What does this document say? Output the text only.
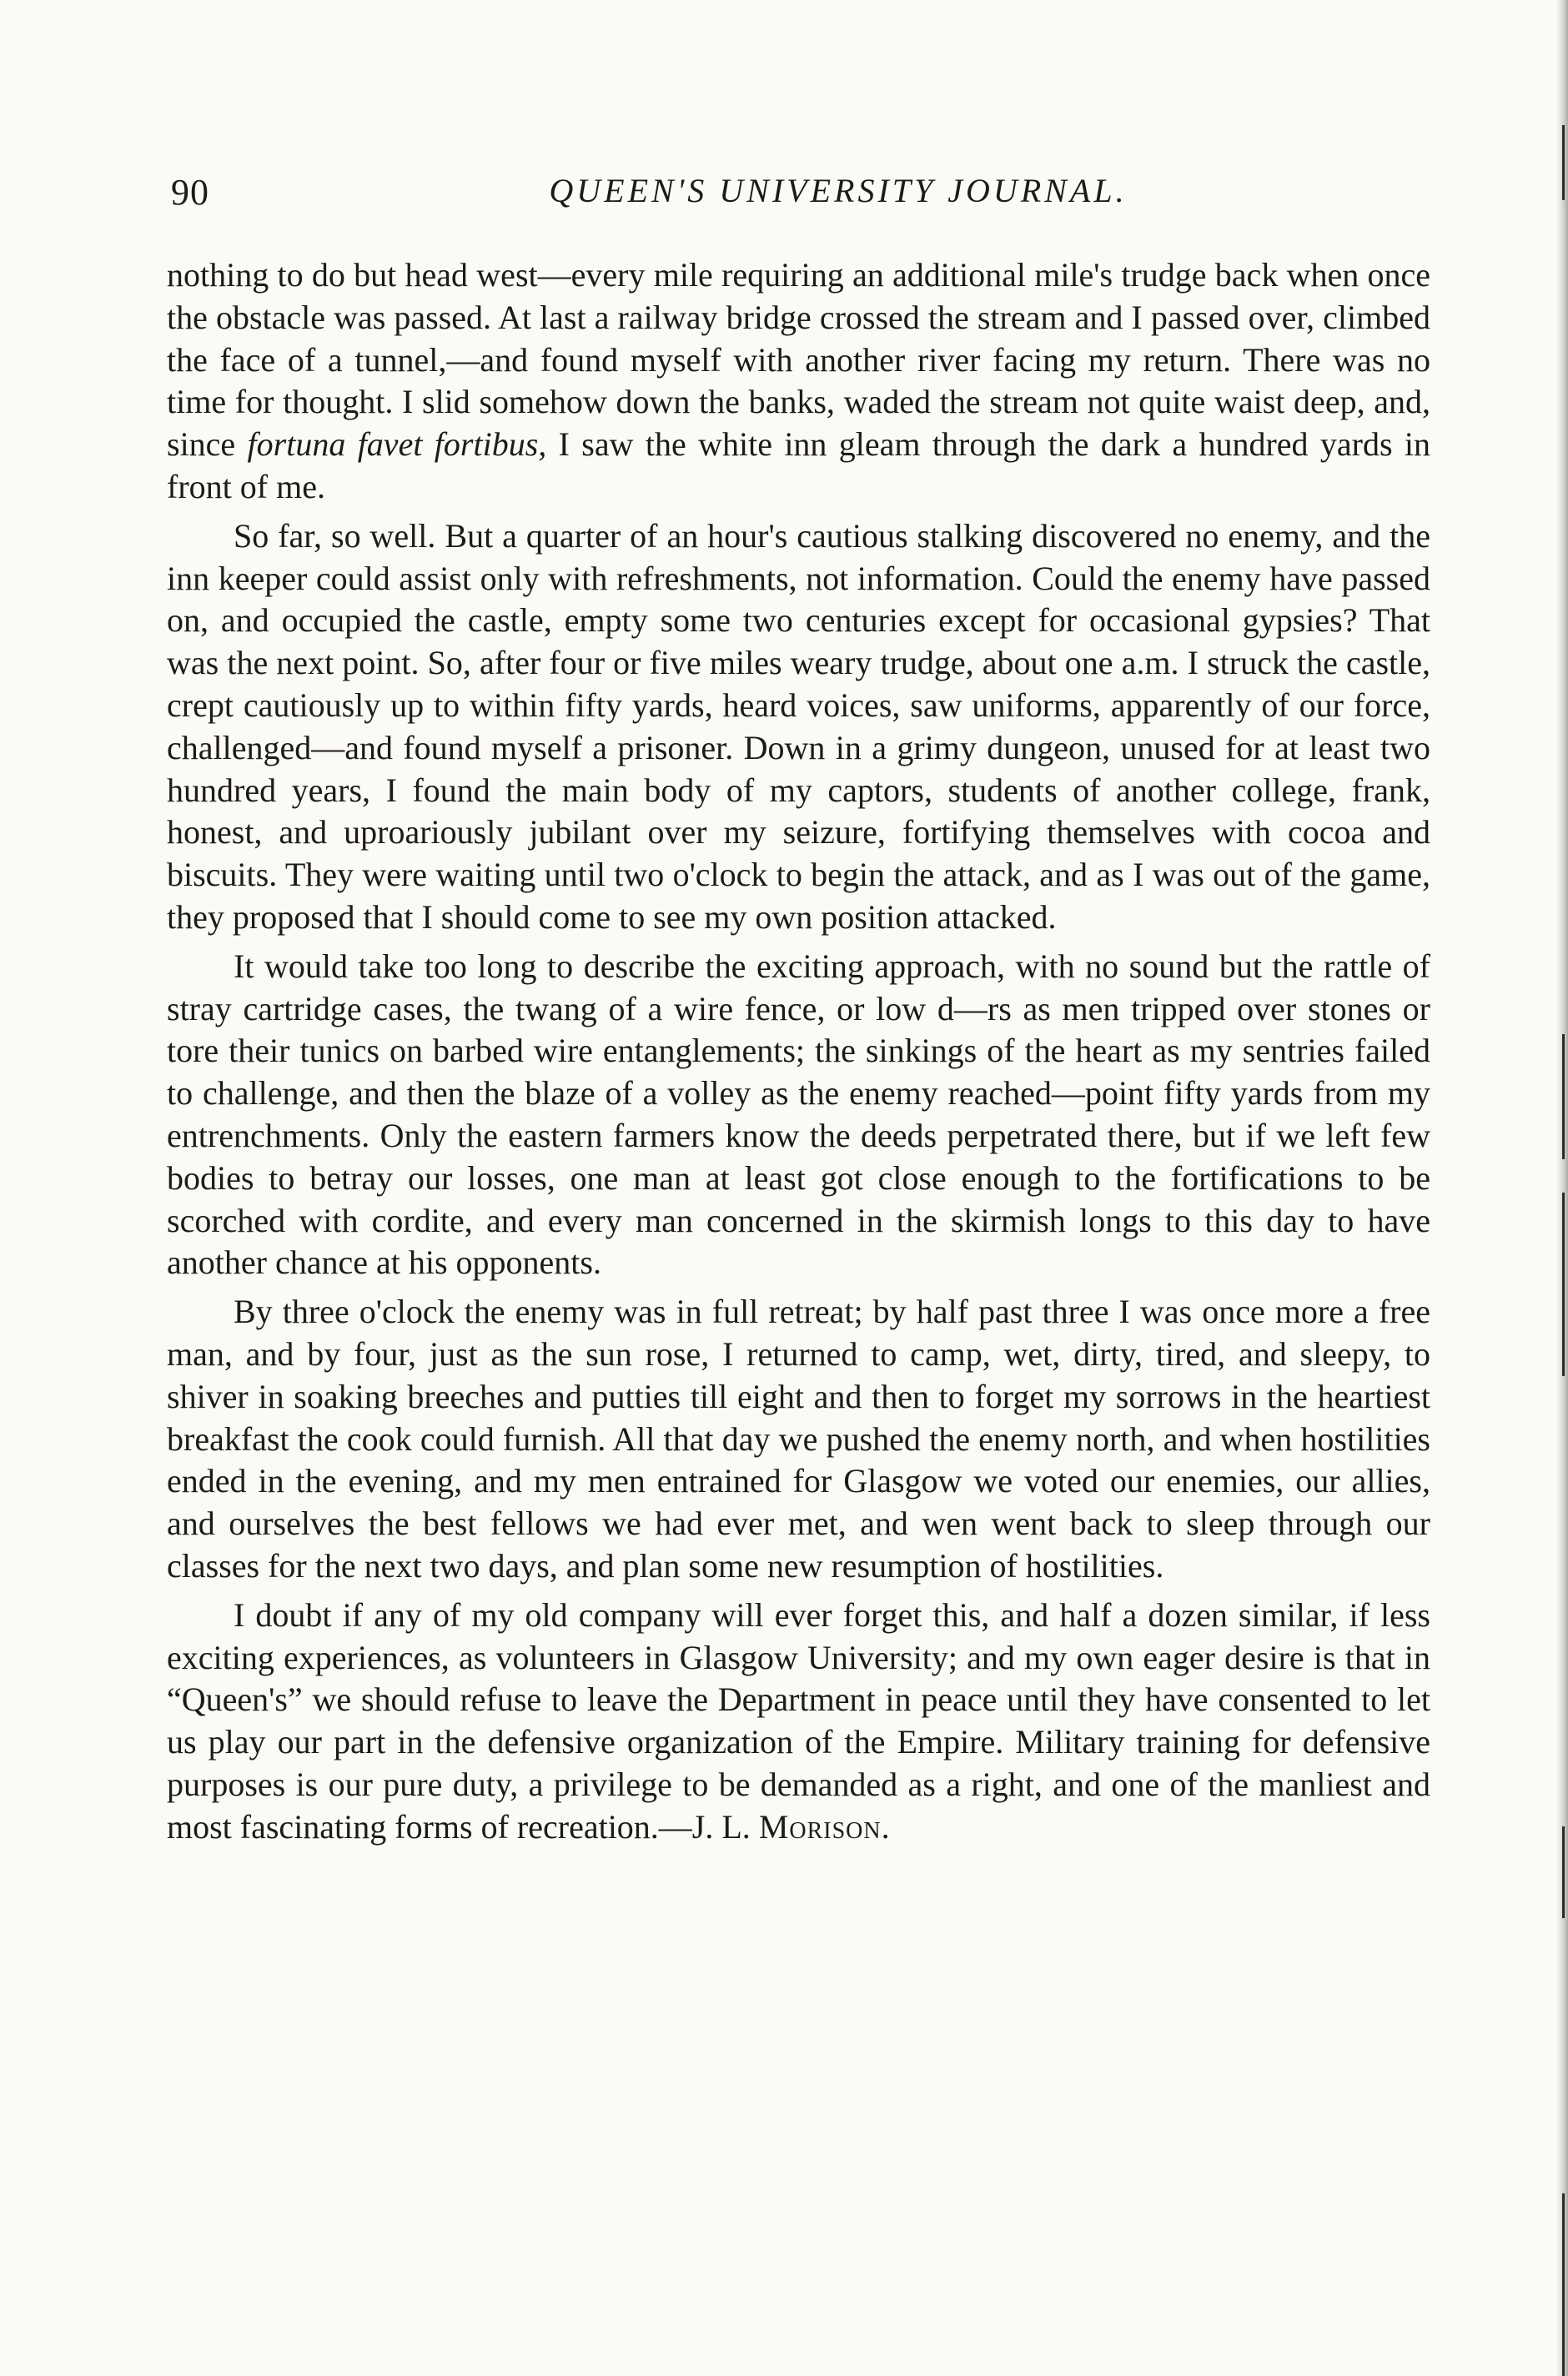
90	QUEEN'S UNIVERSITY JOURNAL.

nothing to do but head west—every mile requiring an additional mile's trudge back when once the obstacle was passed. At last a railway bridge crossed the stream and I passed over, climbed the face of a tunnel,—and found myself with another river facing my return. There was no time for thought. I slid somehow down the banks, waded the stream not quite waist deep, and, since fortuna favet fortibus, I saw the white inn gleam through the dark a hundred yards in front of me.

So far, so well. But a quarter of an hour's cautious stalking discovered no enemy, and the inn keeper could assist only with refreshments, not information. Could the enemy have passed on, and occupied the castle, empty some two centuries except for occasional gypsies? That was the next point. So, after four or five miles weary trudge, about one a.m. I struck the castle, crept cautiously up to within fifty yards, heard voices, saw uniforms, apparently of our force, challenged—and found myself a prisoner. Down in a grimy dungeon, unused for at least two hundred years, I found the main body of my captors, students of another college, frank, honest, and uproariously jubilant over my seizure, fortifying themselves with cocoa and biscuits. They were waiting until two o'clock to begin the attack, and as I was out of the game, they proposed that I should come to see my own position attacked.

It would take too long to describe the exciting approach, with no sound but the rattle of stray cartridge cases, the twang of a wire fence, or low d—rs as men tripped over stones or tore their tunics on barbed wire entanglements; the sinkings of the heart as my sentries failed to challenge, and then the blaze of a volley as the enemy reached—point fifty yards from my entrenchments. Only the eastern farmers know the deeds perpetrated there, but if we left few bodies to betray our losses, one man at least got close enough to the fortifications to be scorched with cordite, and every man concerned in the skirmish longs to this day to have another chance at his opponents.

By three o'clock the enemy was in full retreat; by half past three I was once more a free man, and by four, just as the sun rose, I returned to camp, wet, dirty, tired, and sleepy, to shiver in soaking breeches and putties till eight and then to forget my sorrows in the heartiest breakfast the cook could furnish. All that day we pushed the enemy north, and when hostilities ended in the evening, and my men entrained for Glasgow we voted our enemies, our allies, and ourselves the best fellows we had ever met, and wen went back to sleep through our classes for the next two days, and plan some new resumption of hostilities.

I doubt if any of my old company will ever forget this, and half a dozen similar, if less exciting experiences, as volunteers in Glasgow University; and my own eager desire is that in “Queen's” we should refuse to leave the Department in peace until they have consented to let us play our part in the defensive organization of the Empire. Military training for defensive purposes is our pure duty, a privilege to be demanded as a right, and one of the manliest and most fascinating forms of recreation.—J. L. Morison.
